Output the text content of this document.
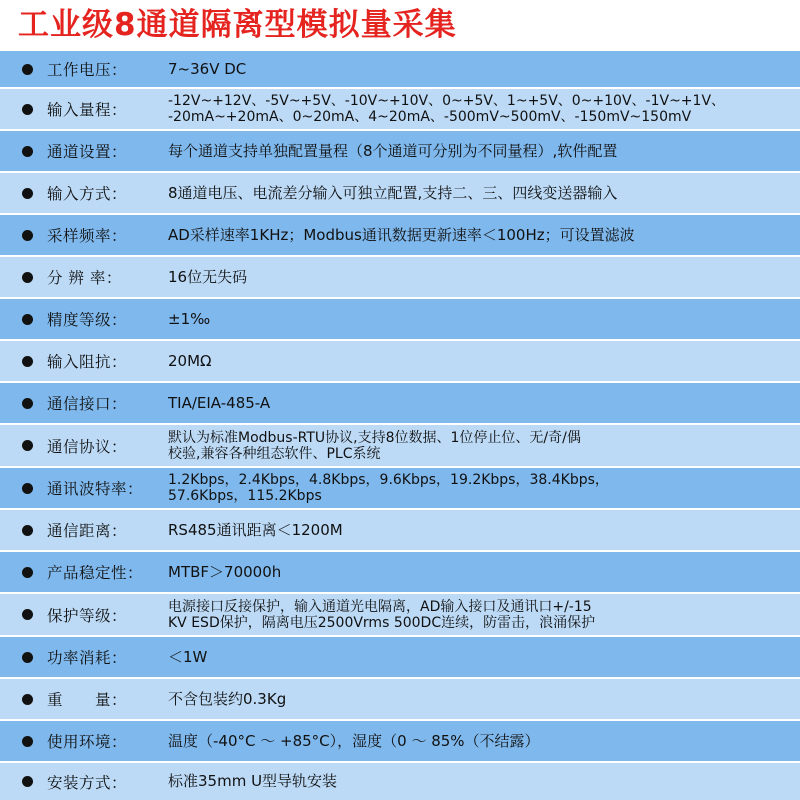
工业级8通道隔离型模拟量采集
工作电压：	7~36V DC
输入量程：	-12V~+12V、-5V~+5V、-10V~+10V、0~+5V、1~+5V、0~+10V、-1V~+1V、
-20mA~+20mA、0~20mA、4~20mA、-500mV~500mV、-150mV~150mV
通道设置：	每个通道支持单独配置量程（8个通道可分别为不同量程）,软件配置
输入方式：	8通道电压、电流差分输入可独立配置,支持二、三、四线变送器输入
采样频率：	AD采样速率1KHz；Modbus通讯数据更新速率＜100Hz；可设置滤波
分 辨 率：	16位无失码
精度等级：	±1‰
输入阻抗：	20MΩ
通信接口：	TIA/EIA-485-A
通信协议：	默认为标准Modbus-RTU协议,支持8位数据、1位停止位、无/奇/偶
校验,兼容各种组态软件、PLC系统
通讯波特率： 1.2Kbps，2.4Kbps，4.8Kbps，9.6Kbps，19.2Kbps，38.4Kbps，
57.6Kbps，115.2Kbps
通信距离：	RS485通讯距离＜1200M
产品稳定性： MTBF＞70000h
保护等级：	电源接口反接保护，输入通道光电隔离，AD输入接口及通讯口+/-15
KV ESD保护，隔离电压2500Vrms 500DC连续，防雷击，浪涌保护
功率消耗：	＜1W
重　　量：	不含包装约0.3Kg
使用环境：	温度（-40°C ～ +85°C），湿度（0 ～ 85%（不结露）
安装方式：	标准35mm U型导轨安装
